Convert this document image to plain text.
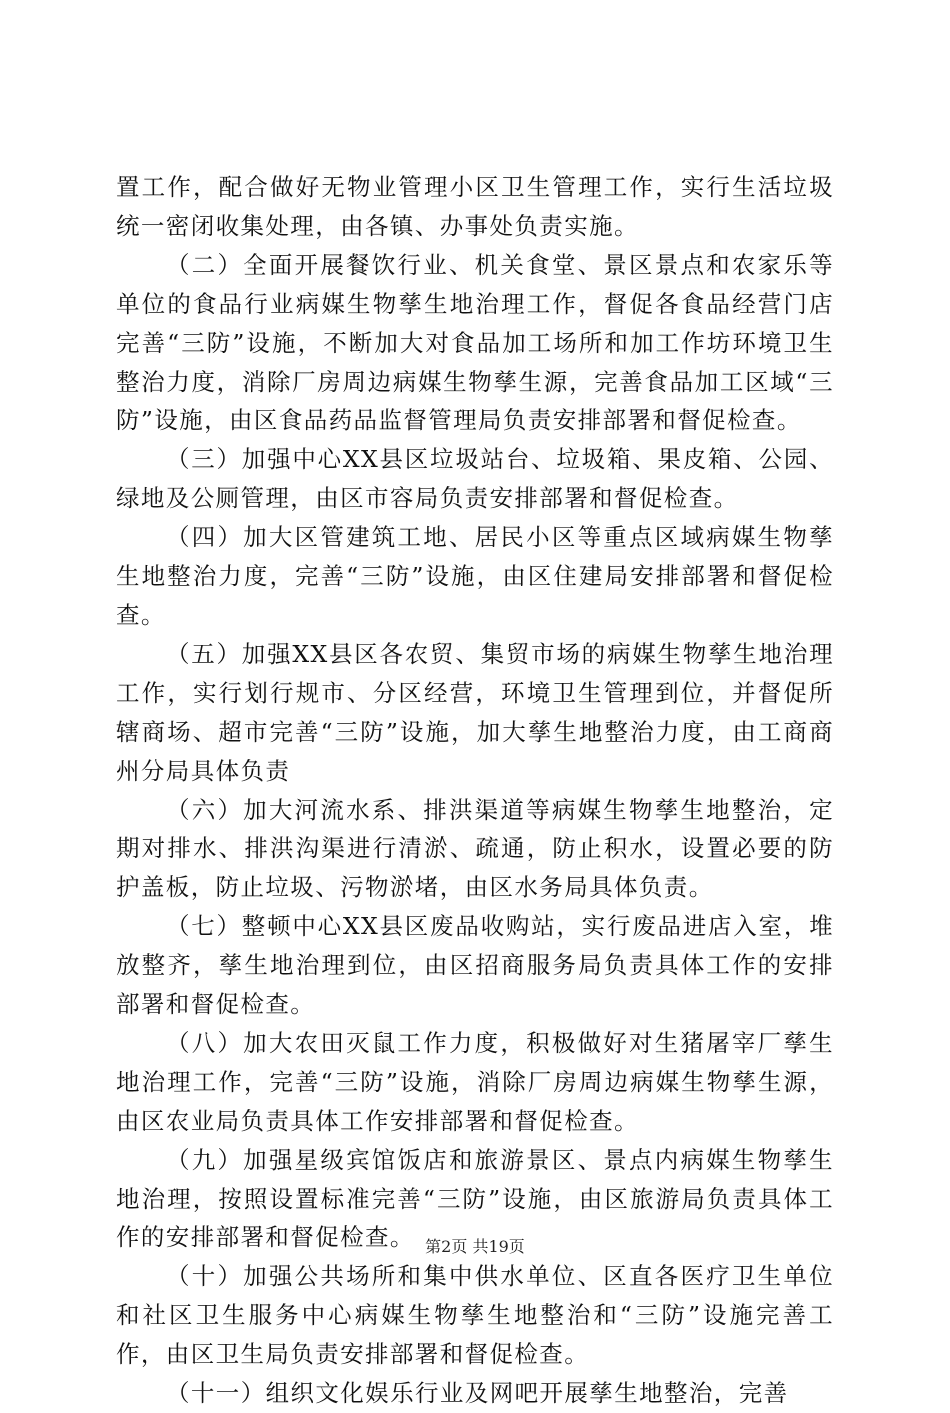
置工作，配合做好无物业管理小区卫生管理工作，实行生活垃圾统一密闭收集处理，由各镇、办事处负责实施。

（二）全面开展餐饮行业、机关食堂、景区景点和农家乐等单位的食品行业病媒生物孳生地治理工作，督促各食品经营门店完善“三防”设施，不断加大对食品加工场所和加工作坊环境卫生整治力度，消除厂房周边病媒生物孳生源，完善食品加工区域“三防”设施，由区食品药品监督管理局负责安排部署和督促检查。

（三）加强中心XX县区垃圾站台、垃圾箱、果皮箱、公园、绿地及公厕管理，由区市容局负责安排部署和督促检查。

（四）加大区管建筑工地、居民小区等重点区域病媒生物孳生地整治力度，完善“三防”设施，由区住建局安排部署和督促检查。

（五）加强XX县区各农贸、集贸市场的病媒生物孳生地治理工作，实行划行规市、分区经营，环境卫生管理到位，并督促所辖商场、超市完善“三防”设施，加大孳生地整治力度，由工商商州分局具体负责

（六）加大河流水系、排洪渠道等病媒生物孳生地整治，定期对排水、排洪沟渠进行清淤、疏通，防止积水，设置必要的防护盖板，防止垃圾、污物淤堵，由区水务局具体负责。

（七）整顿中心XX县区废品收购站，实行废品进店入室，堆放整齐，孳生地治理到位，由区招商服务局负责具体工作的安排部署和督促检查。

（八）加大农田灭鼠工作力度，积极做好对生猪屠宰厂孳生地治理工作，完善“三防”设施，消除厂房周边病媒生物孳生源，由区农业局负责具体工作安排部署和督促检查。

（九）加强星级宾馆饭店和旅游景区、景点内病媒生物孳生地治理，按照设置标准完善“三防”设施，由区旅游局负责具体工作的安排部署和督促检查。

（十）加强公共场所和集中供水单位、区直各医疗卫生单位和社区卫生服务中心病媒生物孳生地整治和“三防”设施完善工作，由区卫生局负责安排部署和督促检查。

（十一）组织文化娱乐行业及网吧开展孳生地整治，完善

第2页 共19页
